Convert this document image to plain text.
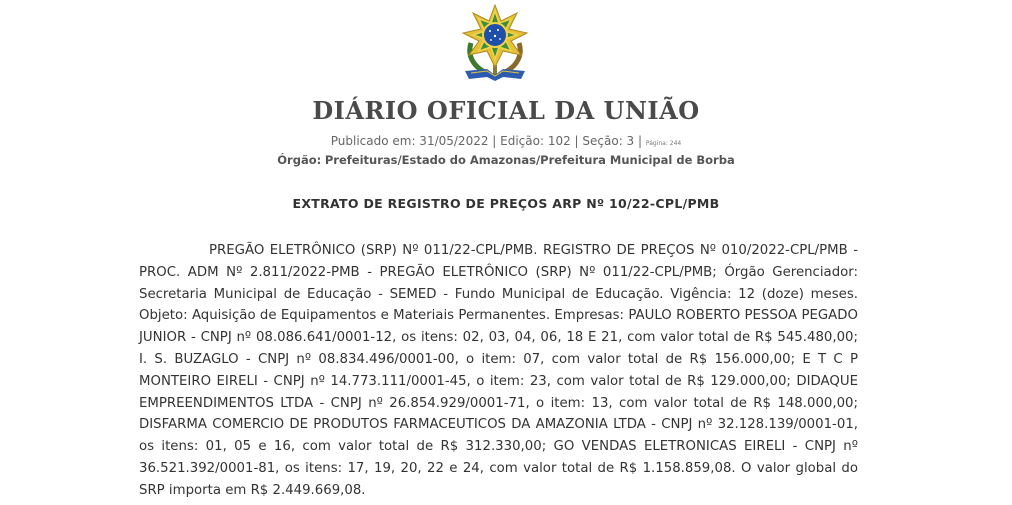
DIÁRIO OFICIAL DA UNIÃO
Publicado em: 31/05/2022 | Edição: 102 | Seção: 3 | Página: 244
Órgão: Prefeituras/Estado do Amazonas/Prefeitura Municipal de Borba
EXTRATO DE REGISTRO DE PREÇOS ARP Nº 10/22-CPL/PMB

PREGÃO ELETRÔNICO (SRP) Nº 011/22-CPL/PMB. REGISTRO DE PREÇOS Nº 010/2022-CPL/PMB - PROC. ADM Nº 2.811/2022-PMB - PREGÃO ELETRÔNICO (SRP) Nº 011/22-CPL/PMB; Órgão Gerenciador: Secretaria Municipal de Educação - SEMED - Fundo Municipal de Educação. Vigência: 12 (doze) meses. Objeto: Aquisição de Equipamentos e Materiais Permanentes. Empresas: PAULO ROBERTO PESSOA PEGADO JUNIOR - CNPJ nº 08.086.641/0001-12, os itens: 02, 03, 04, 06, 18 E 21, com valor total de R$ 545.480,00; I. S. BUZAGLO - CNPJ nº 08.834.496/0001-00, o item: 07, com valor total de R$ 156.000,00; E T C P MONTEIRO EIRELI - CNPJ nº 14.773.111/0001-45, o item: 23, com valor total de R$ 129.000,00; DIDAQUE EMPREENDIMENTOS LTDA - CNPJ nº 26.854.929/0001-71, o item: 13, com valor total de R$ 148.000,00; DISFARMA COMERCIO DE PRODUTOS FARMACEUTICOS DA AMAZONIA LTDA - CNPJ nº 32.128.139/0001-01, os itens: 01, 05 e 16, com valor total de R$ 312.330,00; GO VENDAS ELETRONICAS EIRELI - CNPJ nº 36.521.392/0001-81, os itens: 17, 19, 20, 22 e 24, com valor total de R$ 1.158.859,08. O valor global do SRP importa em R$ 2.449.669,08.
